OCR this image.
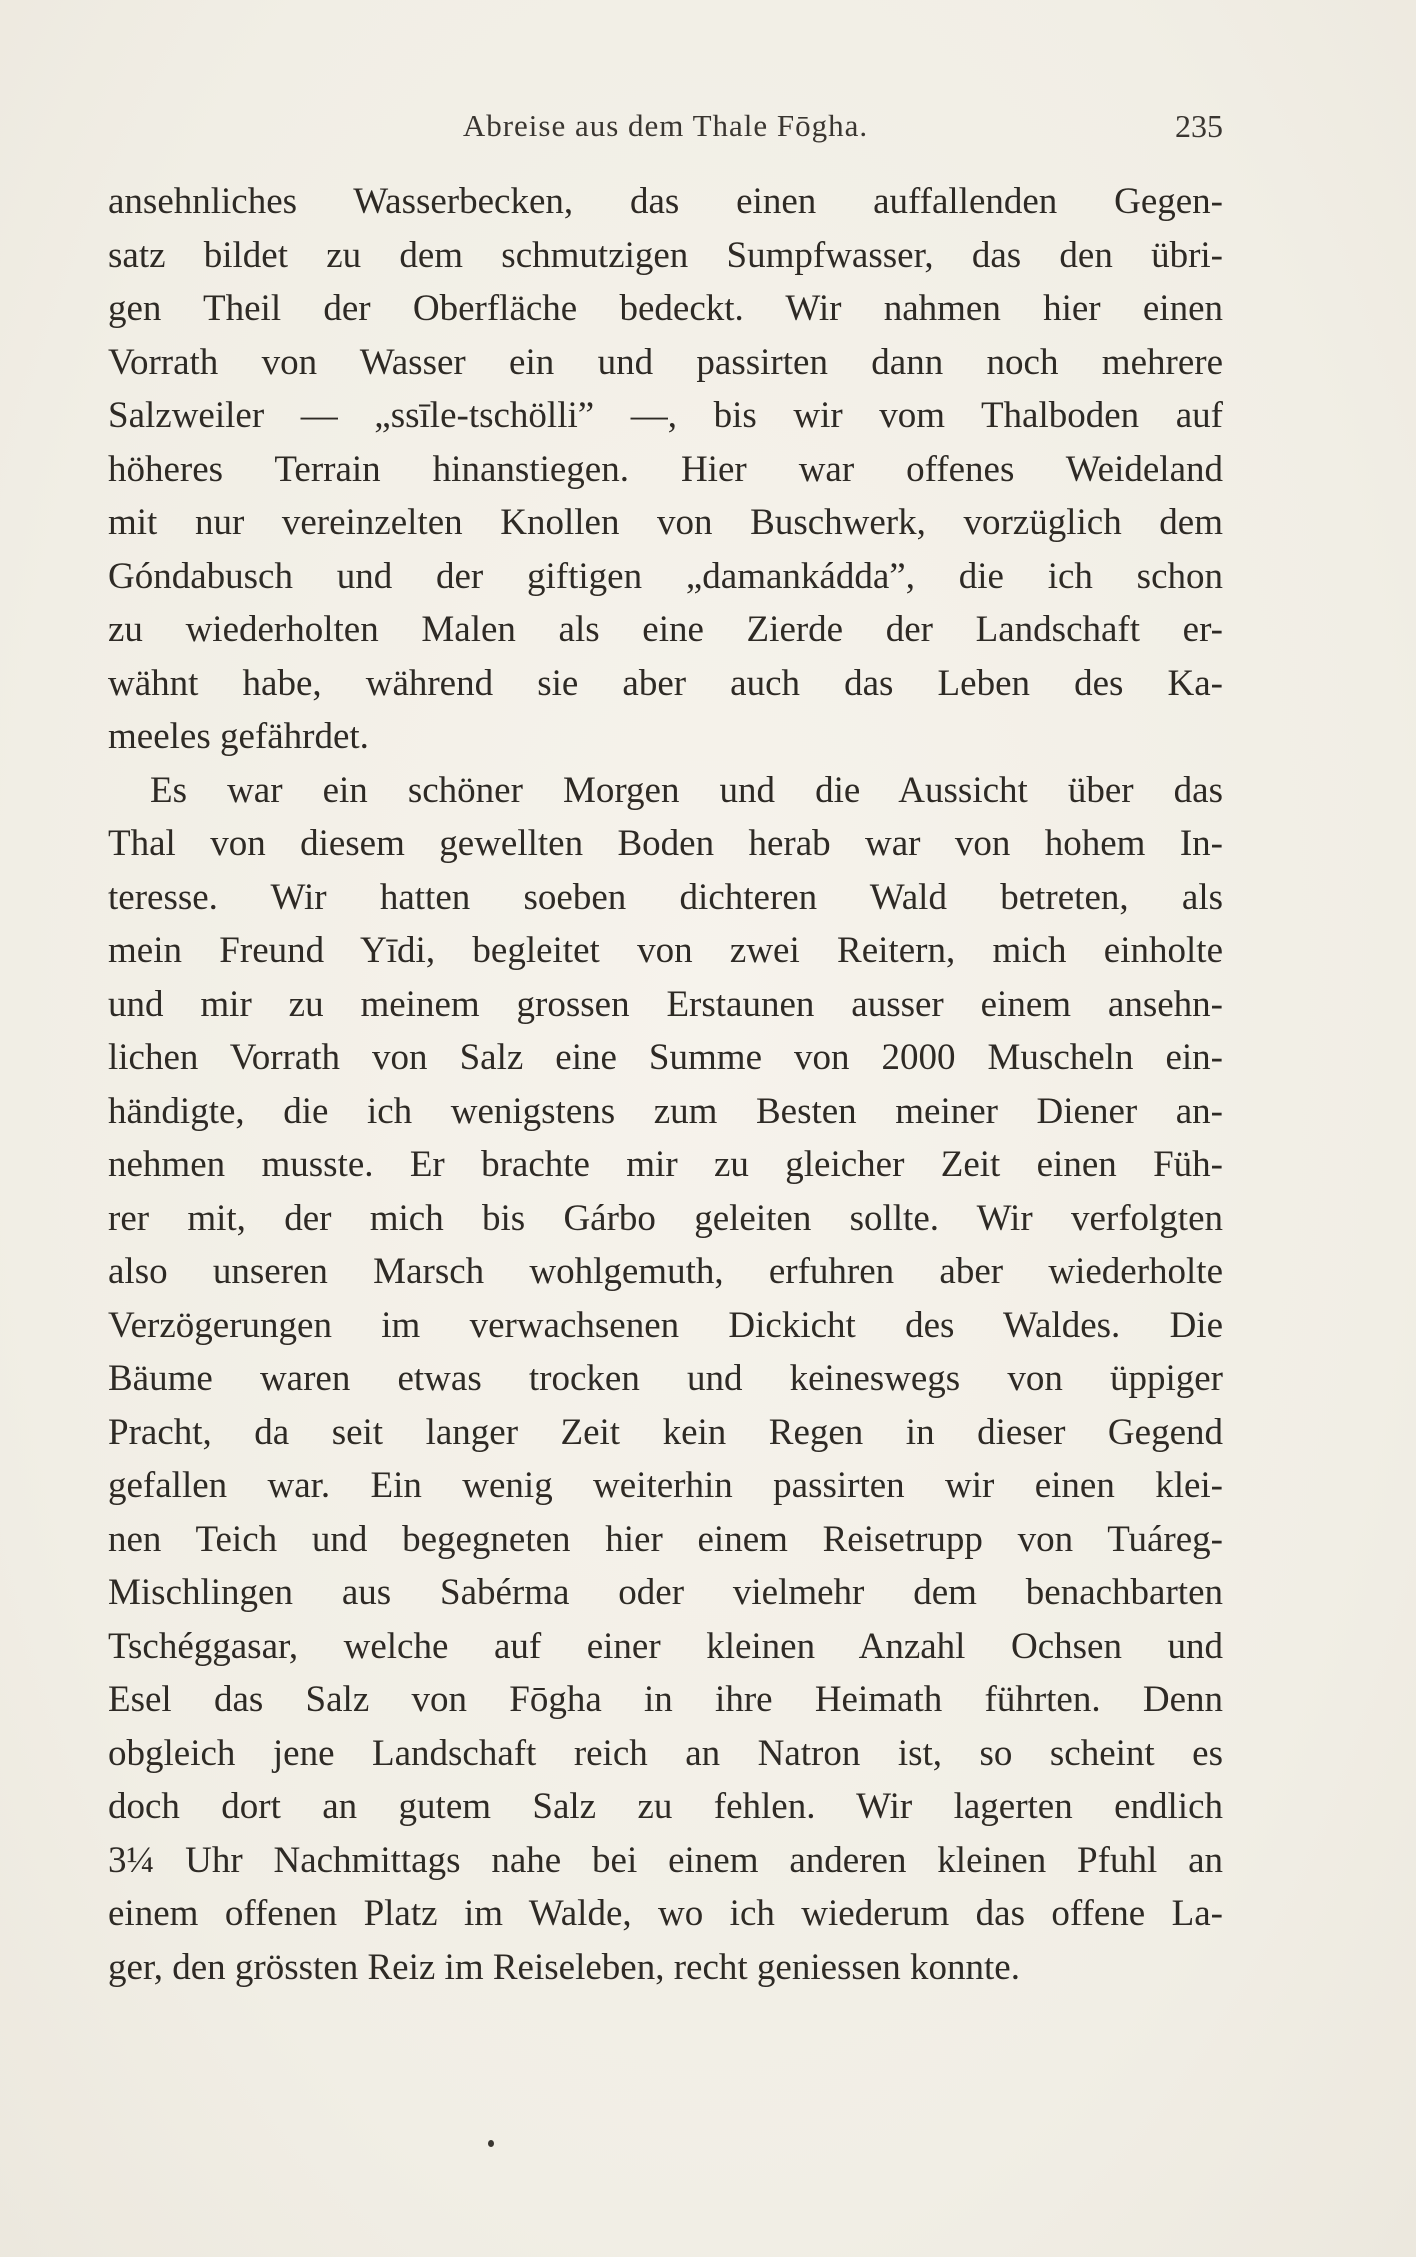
Abreise aus dem Thale Fōgha.	235
ansehnliches Wasserbecken, das einen auffallenden Gegen-
satz bildet zu dem schmutzigen Sumpfwasser, das den übri-
gen Theil der Oberfläche bedeckt. Wir nahmen hier einen
Vorrath von Wasser ein und passirten dann noch mehrere
Salzweiler — „ssīle-tschölli” —, bis wir vom Thalboden auf
höheres Terrain hinanstiegen. Hier war offenes Weideland
mit nur vereinzelten Knollen von Buschwerk, vorzüglich dem
Góndabusch und der giftigen „damankádda”, die ich schon
zu wiederholten Malen als eine Zierde der Landschaft er-
wähnt habe, während sie aber auch das Leben des Ka-
meeles gefährdet.
Es war ein schöner Morgen und die Aussicht über das
Thal von diesem gewellten Boden herab war von hohem In-
teresse. Wir hatten soeben dichteren Wald betreten, als
mein Freund Yīdi, begleitet von zwei Reitern, mich einholte
und mir zu meinem grossen Erstaunen ausser einem ansehn-
lichen Vorrath von Salz eine Summe von 2000 Muscheln ein-
händigte, die ich wenigstens zum Besten meiner Diener an-
nehmen musste. Er brachte mir zu gleicher Zeit einen Füh-
rer mit, der mich bis Gárbo geleiten sollte. Wir verfolgten
also unseren Marsch wohlgemuth, erfuhren aber wiederholte
Verzögerungen im verwachsenen Dickicht des Waldes. Die
Bäume waren etwas trocken und keineswegs von üppiger
Pracht, da seit langer Zeit kein Regen in dieser Gegend
gefallen war. Ein wenig weiterhin passirten wir einen klei-
nen Teich und begegneten hier einem Reisetrupp von Tuáreg-
Mischlingen aus Sabérma oder vielmehr dem benachbarten
Tschéggasar, welche auf einer kleinen Anzahl Ochsen und
Esel das Salz von Fōgha in ihre Heimath führten. Denn
obgleich jene Landschaft reich an Natron ist, so scheint es
doch dort an gutem Salz zu fehlen. Wir lagerten endlich
3¼ Uhr Nachmittags nahe bei einem anderen kleinen Pfuhl an
einem offenen Platz im Walde, wo ich wiederum das offene La-
ger, den grössten Reiz im Reiseleben, recht geniessen konnte.
